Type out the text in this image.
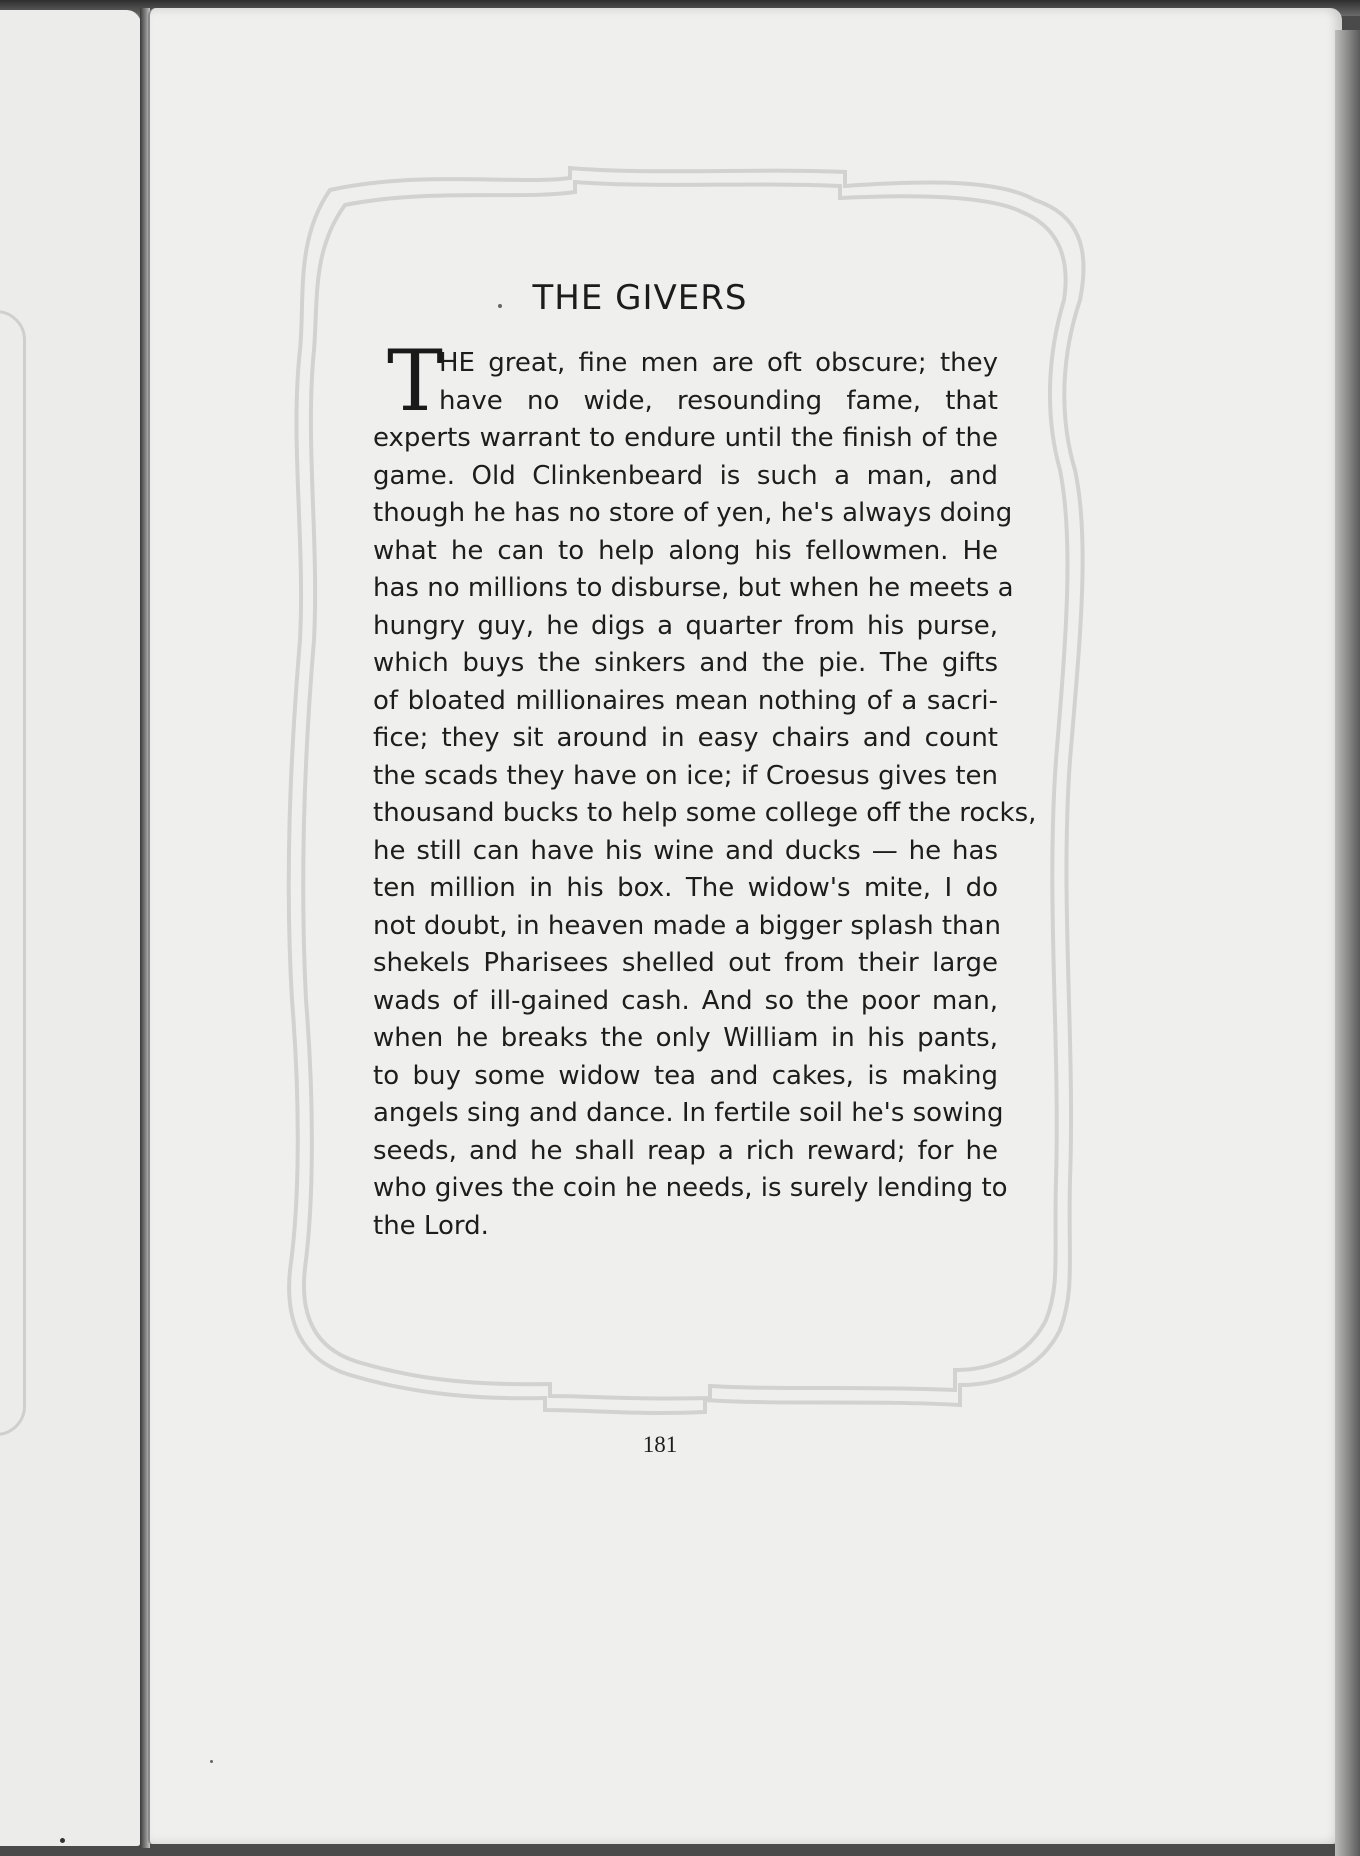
THE GIVERS
T
HE great, fine men are oft obscure; they
have no wide, resounding fame, that
experts warrant to endure until the finish of the
game. Old Clinkenbeard is such a man, and
though he has no store of yen, he's always doing
what he can to help along his fellowmen. He
has no millions to disburse, but when he meets a
hungry guy, he digs a quarter from his purse,
which buys the sinkers and the pie. The gifts
of bloated millionaires mean nothing of a sacri-
fice; they sit around in easy chairs and count
the scads they have on ice; if Croesus gives ten
thousand bucks to help some college off the rocks,
he still can have his wine and ducks — he has
ten million in his box. The widow's mite, I do
not doubt, in heaven made a bigger splash than
shekels Pharisees shelled out from their large
wads of ill-gained cash. And so the poor man,
when he breaks the only William in his pants,
to buy some widow tea and cakes, is making
angels sing and dance. In fertile soil he's sowing
seeds, and he shall reap a rich reward; for he
who gives the coin he needs, is surely lending to
the Lord.
181
